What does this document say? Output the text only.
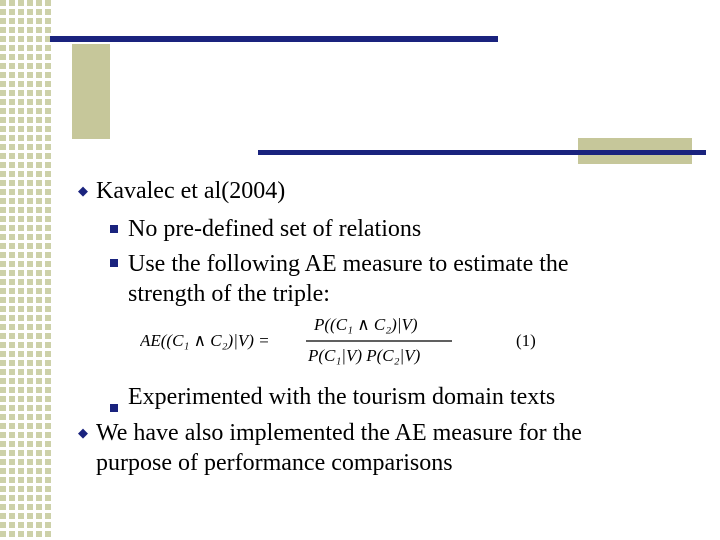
◆ Kavalec et al(2004)
No pre-defined set of relations
Use the following AE measure to estimate the
strength of the triple:
AE((C₁ ∧ C₂)|V) =
P((C₁ ∧ C₂)|V)
P(C₁|V) P(C₂|V)
(1)
Experimented with the tourism domain texts
◆ We have also implemented the AE measure for the
purpose of performance comparisons
